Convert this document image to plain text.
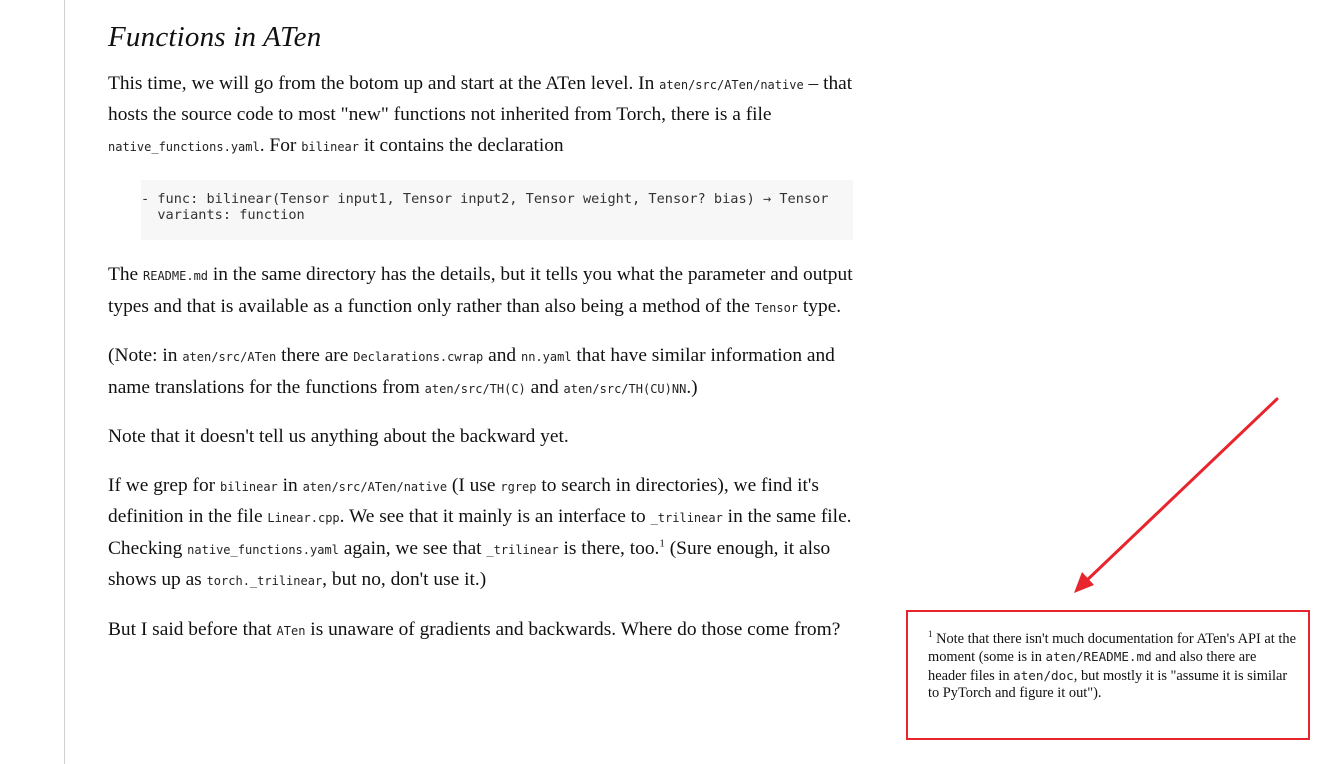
Functions in ATen

This time, we will go from the botom up and start at the ATen level. In aten/src/ATen/native – that hosts the source code to most "new" functions not inherited from Torch, there is a file native_functions.yaml. For bilinear it contains the declaration

- func: bilinear(Tensor input1, Tensor input2, Tensor weight, Tensor? bias) → Tensor
variants: function

The README.md in the same directory has the details, but it tells you what the parameter and output types and that is available as a function only rather than also being a method of the Tensor type.

(Note: in aten/src/ATen there are Declarations.cwrap and nn.yaml that have similar information and name translations for the functions from aten/src/TH(C) and aten/src/TH(CU)NN.)

Note that it doesn't tell us anything about the backward yet.

If we grep for bilinear in aten/src/ATen/native (I use rgrep to search in directories), we find it's definition in the file Linear.cpp. We see that it mainly is an interface to _trilinear in the same file. Checking native_functions.yaml again, we see that _trilinear is there, too.$^1$ (Sure enough, it also shows up as torch._trilinear, but no, don't use it.)

But I said before that ATen is unaware of gradients and backwards. Where do those come from?	$^1$ Note that there isn't much documentation for ATen's API at the moment (some is in aten/README.md and also there are header files in aten/doc, but mostly it is "assume it is similar to PyTorch and figure it out").
